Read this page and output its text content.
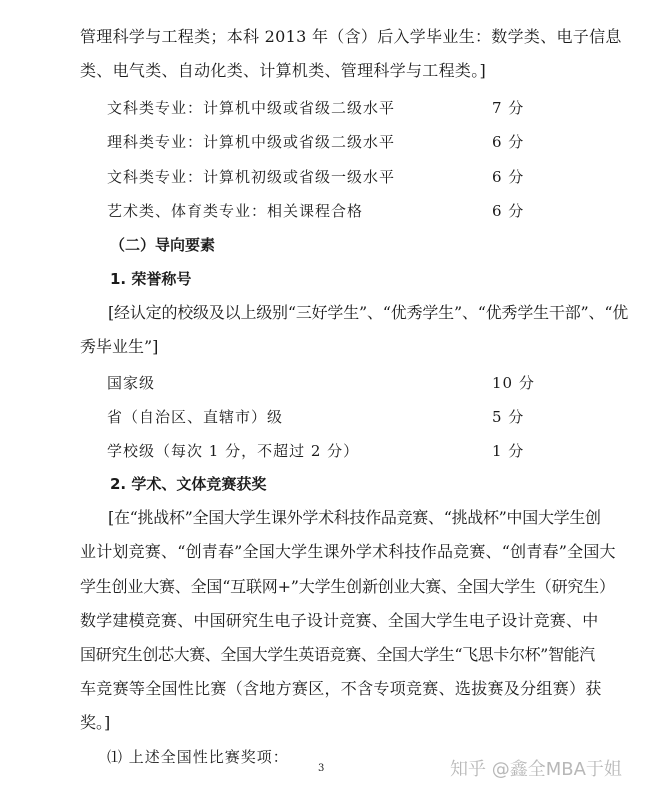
管理科学与工程类；本科 2013 年（含）后入学毕业生：数学类、电子信息
类、电气类、自动化类、计算机类、管理科学与工程类。]
文科类专业：计算机中级或省级二级水平	7 分
理科类专业：计算机中级或省级二级水平	6 分
文科类专业：计算机初级或省级一级水平	6 分
艺术类、体育类专业：相关课程合格	6 分
（二）导向要素
1. 荣誉称号
[经认定的校级及以上级别“三好学生”、“优秀学生”、“优秀学生干部”、“优
秀毕业生”]
国家级	10 分
省（自治区、直辖市）级	5 分
学校级（每次 1 分，不超过 2 分）	1 分
2. 学术、文体竞赛获奖
[在“挑战杯”全国大学生课外学术科技作品竞赛、“挑战杯”中国大学生创
业计划竞赛、“创青春”全国大学生课外学术科技作品竞赛、“创青春”全国大
学生创业大赛、全国“互联网+”大学生创新创业大赛、全国大学生（研究生）
数学建模竞赛、中国研究生电子设计竞赛、全国大学生电子设计竞赛、中
国研究生创芯大赛、全国大学生英语竞赛、全国大学生“飞思卡尔杯”智能汽
车竞赛等全国性比赛（含地方赛区，不含专项竞赛、选拔赛及分组赛）获
奖。]
⑴ 上述全国性比赛奖项：
3	知乎 @鑫全MBA于姐
